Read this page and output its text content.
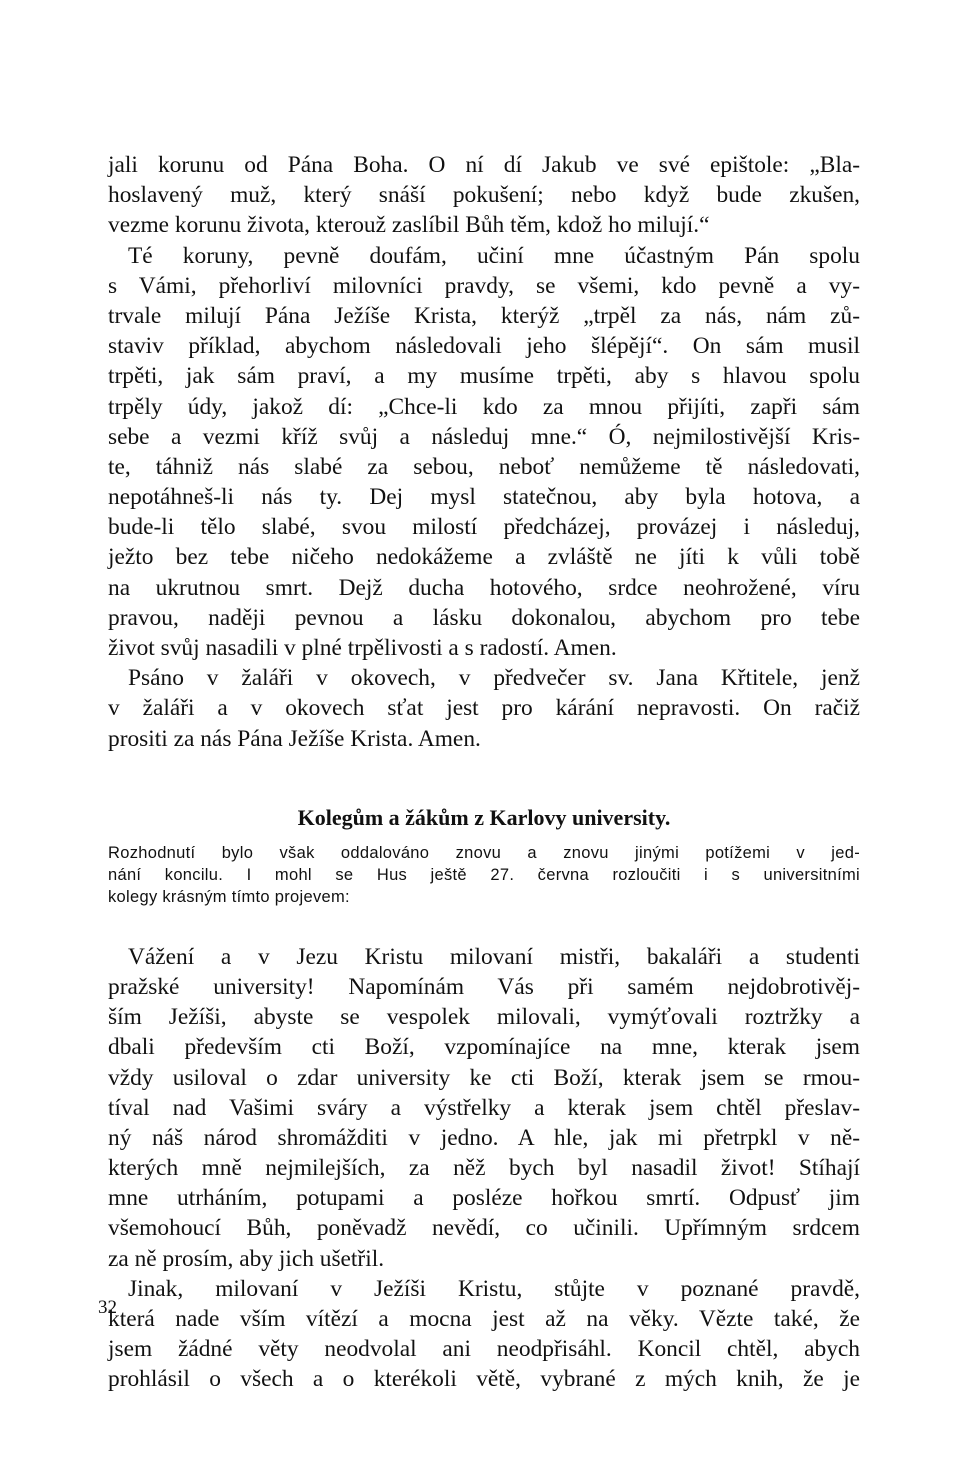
jali korunu od Pána Boha. O ní dí Jakub ve své epištole: „Bla-
hoslavený muž, který snáší pokušení; nebo když bude zkušen,
vezme korunu života, kterouž zaslíbil Bůh těm, kdož ho milují.“
Té koruny, pevně doufám, učiní mne účastným Pán spolu
s Vámi, přehorliví milovníci pravdy, se všemi, kdo pevně a vy-
trvale milují Pána Ježíše Krista, kterýž „trpěl za nás, nám zů-
staviv příklad, abychom následovali jeho šlépějí“. On sám musil
trpěti, jak sám praví, a my musíme trpěti, aby s hlavou spolu
trpěly údy, jakož dí: „Chce-li kdo za mnou přijíti, zapři sám
sebe a vezmi kříž svůj a následuj mne.“ Ó, nejmilostivější Kris-
te, táhniž nás slabé za sebou, neboť nemůžeme tě následovati,
nepotáhneš-li nás ty. Dej mysl statečnou, aby byla hotova, a
bude-li tělo slabé, svou milostí předcházej, provázej i následuj,
ježto bez tebe ničeho nedokážeme a zvláště ne jíti k vůli tobě
na ukrutnou smrt. Dejž ducha hotového, srdce neohrožené, víru
pravou, naději pevnou a lásku dokonalou, abychom pro tebe
život svůj nasadili v plné trpělivosti a s radostí. Amen.
Psáno v žaláři v okovech, v předvečer sv. Jana Křtitele, jenž
v žaláři a v okovech sťat jest pro kárání nepravosti. On račiž
prositi za nás Pána Ježíše Krista. Amen.
Kolegům a žákům z Karlovy university.
Rozhodnutí bylo však oddalováno znovu a znovu jinými potížemi v jed-
nání koncilu. I mohl se Hus ještě 27. června rozloučiti i s universitními
kolegy krásným tímto projevem:
Vážení a v Jezu Kristu milovaní mistři, bakaláři a studenti
pražské university! Napomínám Vás při samém nejdobrotivěj-
ším Ježíši, abyste se vespolek milovali, vymýťovali roztržky a
dbali především cti Boží, vzpomínajíce na mne, kterak jsem
vždy usiloval o zdar university ke cti Boží, kterak jsem se rmou-
tíval nad Vašimi sváry a výstřelky a kterak jsem chtěl přeslav-
ný náš národ shromážditi v jedno. A hle, jak mi přetrpkl v ně-
kterých mně nejmilejších, za něž bych byl nasadil život! Stíhají
mne utrháním, potupami a posléze hořkou smrtí. Odpusť jim
všemohoucí Bůh, poněvadž nevědí, co učinili. Upřímným srdcem
za ně prosím, aby jich ušetřil.
Jinak, milovaní v Ježíši Kristu, stůjte v poznané pravdě,
která nade vším vítězí a mocna jest až na věky. Vězte také, že
jsem žádné věty neodvolal ani neodpřisáhl. Koncil chtěl, abych
prohlásil o všech a o kterékoli větě, vybrané z mých knih, že je
32
